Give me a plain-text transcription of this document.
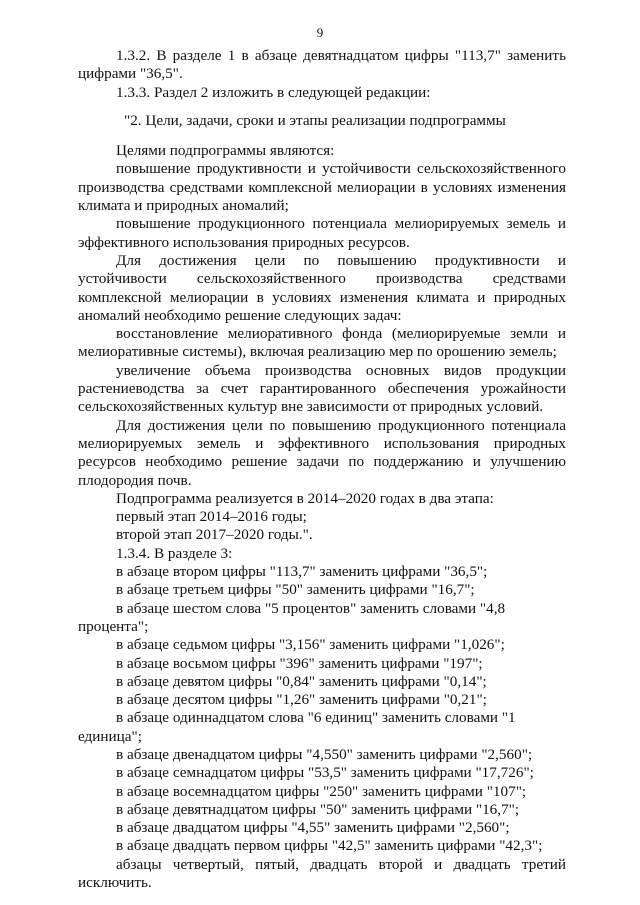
9

1.3.2. В разделе 1 в абзаце девятнадцатом цифры "113,7" заменить цифрами "36,5".

1.3.3. Раздел 2 изложить в следующей редакции:

"2. Цели, задачи, сроки и этапы реализации подпрограммы

Целями подпрограммы являются:

повышение продуктивности и устойчивости сельскохозяйственного производства средствами комплексной мелиорации в условиях изменения климата и природных аномалий;

повышение продукционного потенциала мелиорируемых земель и эффективного использования природных ресурсов.

Для достижения цели по повышению продуктивности и устойчивости сельскохозяйственного производства средствами комплексной мелиорации в условиях изменения климата и природных аномалий необходимо решение следующих задач:

восстановление мелиоративного фонда (мелиорируемые земли и мелиоративные системы), включая реализацию мер по орошению земель;

увеличение объема производства основных видов продукции растениеводства за счет гарантированного обеспечения урожайности сельскохозяйственных культур вне зависимости от природных условий.

Для достижения цели по повышению продукционного потенциала мелиорируемых земель и эффективного использования природных ресурсов необходимо решение задачи по поддержанию и улучшению плодородия почв.

Подпрограмма реализуется в 2014–2020 годах в два этапа:

первый этап 2014–2016 годы;

второй этап 2017–2020 годы.".

1.3.4. В разделе 3:

в абзаце втором цифры "113,7" заменить цифрами "36,5";

в абзаце третьем цифры "50" заменить цифрами "16,7";

в абзаце шестом слова "5 процентов" заменить словами "4,8 процента";

в абзаце седьмом цифры "3,156" заменить цифрами "1,026";

в абзаце восьмом цифры "396" заменить цифрами "197";

в абзаце девятом цифры "0,84" заменить цифрами "0,14";

в абзаце десятом цифры "1,26" заменить цифрами "0,21";

в абзаце одиннадцатом слова "6 единиц" заменить словами "1 единица";

в абзаце двенадцатом цифры "4,550" заменить цифрами "2,560";

в абзаце семнадцатом цифры "53,5" заменить цифрами "17,726";

в абзаце восемнадцатом цифры "250" заменить цифрами "107";

в абзаце девятнадцатом цифры "50" заменить цифрами "16,7";

в абзаце двадцатом цифры "4,55" заменить цифрами "2,560";

в абзаце двадцать первом цифры "42,5" заменить цифрами "42,3";

абзацы четвертый, пятый, двадцать второй и двадцать третий исключить.
